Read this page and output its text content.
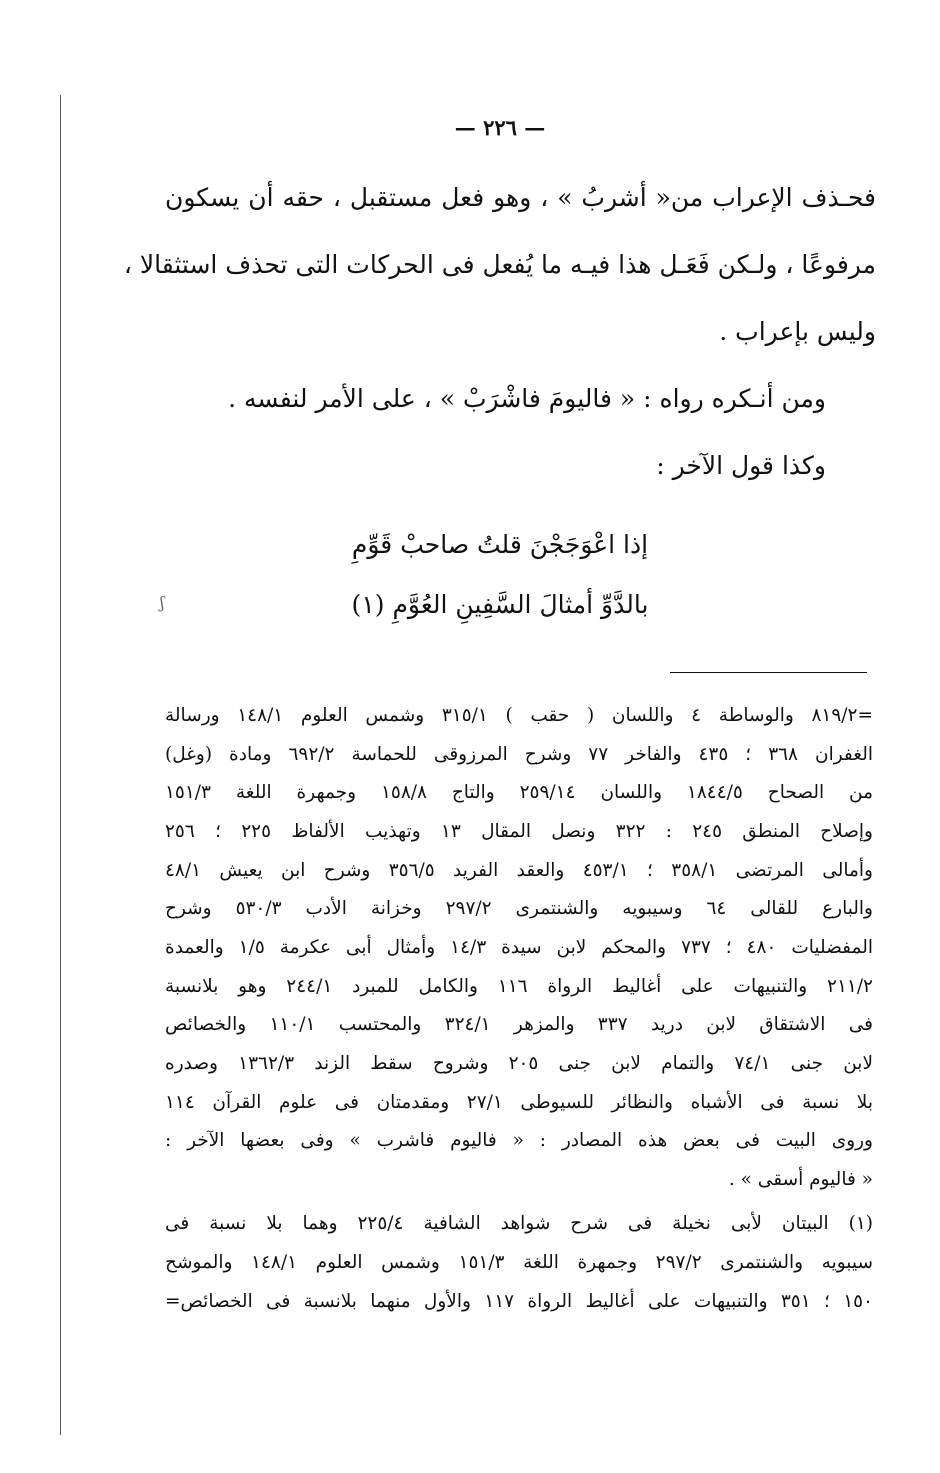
ʃ
— ٢٢٦ —
فحـذف الإعراب من« أشربُ » ، وهو فعل مستقبل ، حقه أن يسكون
مرفوعًا ، ولـكن فَعَـل هذا فيـه ما يُفعل فى الحركات التى تحذف استثقالا ،
وليس بإعراب .
ومن أنـكره رواه : « فاليومَ فاشْرَبْ » ، على الأمر لنفسه .
وكذا قول الآخر :
إذا اعْوَجَجْنَ قلتُ صاحبْ قَوِّمِ
بالدَّوِّ أمثالَ السَّفِينِ العُوَّمِ (١)
=٨١٩/٢ والوساطة ٤ واللسان ( حقب ) ٣١٥/١ وشمس العلوم ١٤٨/١ ورسالة
الغفران ٣٦٨ ؛ ٤٣٥ والفاخر ٧٧ وشرح المرزوقى للحماسة ٦٩٢/٢ ومادة (وغل)
من الصحاح ١٨٤٤/٥ واللسان ٢٥٩/١٤ والتاج ١٥٨/٨ وجمهرة اللغة ١٥١/٣
وإصلاح المنطق ٢٤٥ : ٣٢٢ ونصل المقال ١٣ وتهذيب الألفاظ ٢٢٥ ؛ ٢٥٦
وأمالى المرتضى ٣٥٨/١ ؛ ٤٥٣/١ والعقد الفريد ٣٥٦/٥ وشرح ابن يعيش ٤٨/١
والبارع للقالى ٦٤ وسيبويه والشنتمرى ٢٩٧/٢ وخزانة الأدب ٥٣٠/٣ وشرح
المفضليات ٤٨٠ ؛ ٧٣٧ والمحكم لابن سيدة ١٤/٣ وأمثال أبى عكرمة ١/٥ والعمدة
٢١١/٢ والتنبيهات على أغاليط الرواة ١١٦ والكامل للمبرد ٢٤٤/١ وهو بلانسبة
فى الاشتقاق لابن دريد ٣٣٧ والمزهر ٣٢٤/١ والمحتسب ١١٠/١ والخصائص
لابن جنى ٧٤/١ والتمام لابن جنى ٢٠٥ وشروح سقط الزند ١٣٦٢/٣ وصدره
بلا نسبة فى الأشباه والنظائر للسيوطى ٢٧/١ ومقدمتان فى علوم القرآن ١١٤
وروى البيت فى بعض هذه المصادر : « فاليوم فاشرب » وفى بعضها الآخر :
« فاليوم أسقى » .
(١) البيتان لأبى نخيلة فى شرح شواهد الشافية ٢٢٥/٤ وهما بلا نسبة فى
سيبويه والشنتمرى ٢٩٧/٢ وجمهرة اللغة ١٥١/٣ وشمس العلوم ١٤٨/١ والموشح
١٥٠ ؛ ٣٥١ والتنبيهات على أغاليط الرواة ١١٧ والأول منهما بلانسبة فى الخصائص=
